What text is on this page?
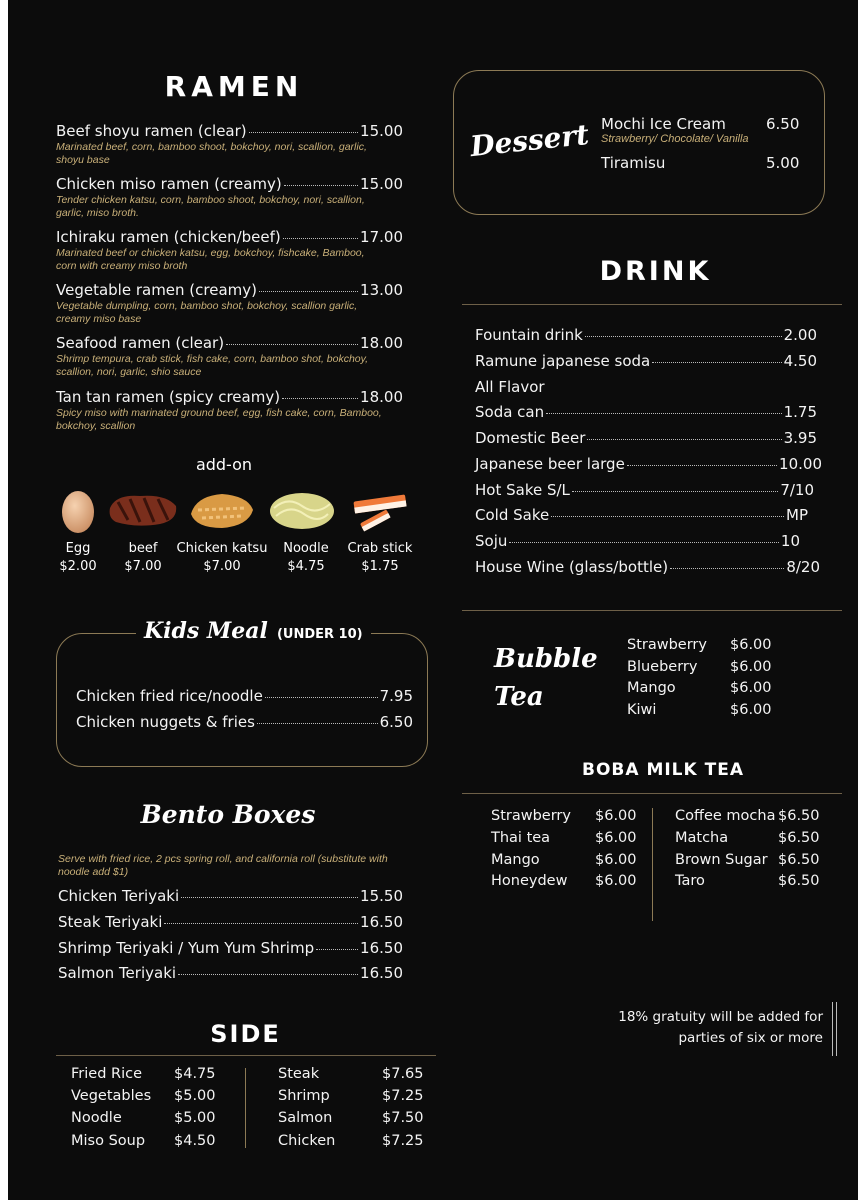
RAMEN
Beef shoyu ramen (clear)	15.00
Marinated beef, corn, bamboo shoot, bokchoy, nori, scallion, garlic, shoyu base
Chicken miso ramen (creamy)	15.00
Tender chicken katsu, corn, bamboo shoot, bokchoy, nori, scallion, garlic, miso broth.
Ichiraku ramen (chicken/beef)	17.00
Marinated beef or chicken katsu, egg, bokchoy, fishcake, Bamboo, corn with creamy miso broth
Vegetable ramen (creamy)	13.00
Vegetable dumpling, corn, bamboo shot, bokchoy, scallion garlic, creamy miso base
Seafood ramen (clear)	18.00
Shrimp tempura, crab stick, fish cake, corn, bamboo shot, bokchoy, scallion, nori, garlic, shio sauce
Tan tan ramen (spicy creamy)	18.00
Spicy miso with marinated ground beef, egg, fish cake, corn, Bamboo, bokchoy, scallion
add-on
Egg
$2.00
beef
$7.00
Chicken katsu
$7.00
Noodle
$4.75
Crab stick
$1.75
Kids Meal (UNDER 10)
Chicken fried rice/noodle	7.95
Chicken nuggets & fries	6.50
Bento Boxes
Serve with fried rice, 2 pcs spring roll, and california roll (substitute with noodle add $1)
Chicken Teriyaki	15.50
Steak Teriyaki	16.50
Shrimp Teriyaki / Yum Yum Shrimp	16.50
Salmon Teriyaki	16.50
SIDE
Fried Rice $4.75
Vegetables $5.00
Noodle	$5.00
Miso Soup $4.50
Steak	$7.65
Shrimp	$7.25
Salmon	$7.50
Chicken	$7.25
Dessert Mochi Ice Cream	6.50
Strawberry/ Chocolate/ Vanilla
Tiramisu	5.00
DRINK
Fountain drink	2.00
Ramune japanese soda	4.50
All Flavor
Soda can	1.75
Domestic Beer	3.95
Japanese beer large	10.00
Hot Sake S/L	7/10
Cold Sake	MP
Soju	10
House Wine (glass/bottle)	8/20
Bubble
Tea
Strawberry $6.00
Blueberry $6.00
Mango	$6.00
Kiwi	$6.00
BOBA MILK TEA
Strawberry $6.00
Thai tea	$6.00
Mango	$6.00
Honeydew $6.00
Coffee mocha $6.50
Matcha	$6.50
Brown Sugar $6.50
Taro	$6.50
18% gratuity will be added for
parties of six or more
